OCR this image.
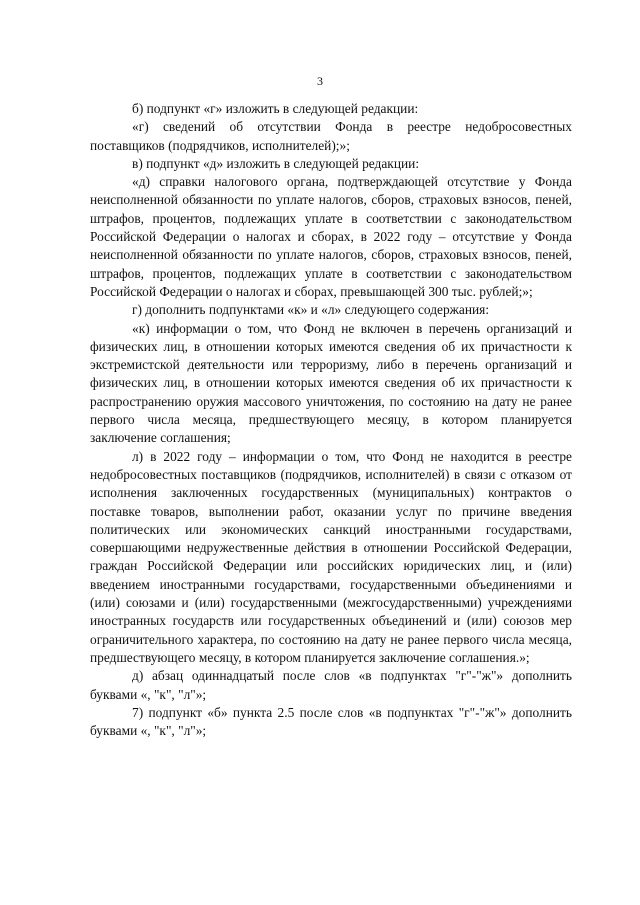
3

б) подпункт «г» изложить в следующей редакции:

«г) сведений об отсутствии Фонда в реестре недобросовестных поставщиков (подрядчиков, исполнителей);»;

в) подпункт «д» изложить в следующей редакции:

«д) справки налогового органа, подтверждающей отсутствие у Фонда неисполненной обязанности по уплате налогов, сборов, страховых взносов, пеней, штрафов, процентов, подлежащих уплате в соответствии с законодательством Российской Федерации о налогах и сборах, в 2022 году – отсутствие у Фонда неисполненной обязанности по уплате налогов, сборов, страховых взносов, пеней, штрафов, процентов, подлежащих уплате в соответствии с законодательством Российской Федерации о налогах и сборах, превышающей 300 тыс. рублей;»;

г) дополнить подпунктами «к» и «л» следующего содержания:

«к) информации о том, что Фонд не включен в перечень организаций и физических лиц, в отношении которых имеются сведения об их причастности к экстремистской деятельности или терроризму, либо в перечень организаций и физических лиц, в отношении которых имеются сведения об их причастности к распространению оружия массового уничтожения, по состоянию на дату не ранее первого числа месяца, предшествующего месяцу, в котором планируется заключение соглашения;

л) в 2022 году – информации о том, что Фонд не находится в реестре недобросовестных поставщиков (подрядчиков, исполнителей) в связи с отказом от исполнения заключенных государственных (муниципальных) контрактов о поставке товаров, выполнении работ, оказании услуг по причине введения политических или экономических санкций иностранными государствами, совершающими недружественные действия в отношении Российской Федерации, граждан Российской Федерации или российских юридических лиц, и (или) введением иностранными государствами, государственными объединениями и (или) союзами и (или) государственными (межгосударственными) учреждениями иностранных государств или государственных объединений и (или) союзов мер ограничительного характера, по состоянию на дату не ранее первого числа месяца, предшествующего месяцу, в котором планируется заключение соглашения.»;

д) абзац одиннадцатый после слов «в подпунктах "г"-"ж"» дополнить буквами «, "к", "л"»;

7) подпункт «б» пункта 2.5 после слов «в подпунктах "г"-"ж"» дополнить буквами «, "к", "л"»;
